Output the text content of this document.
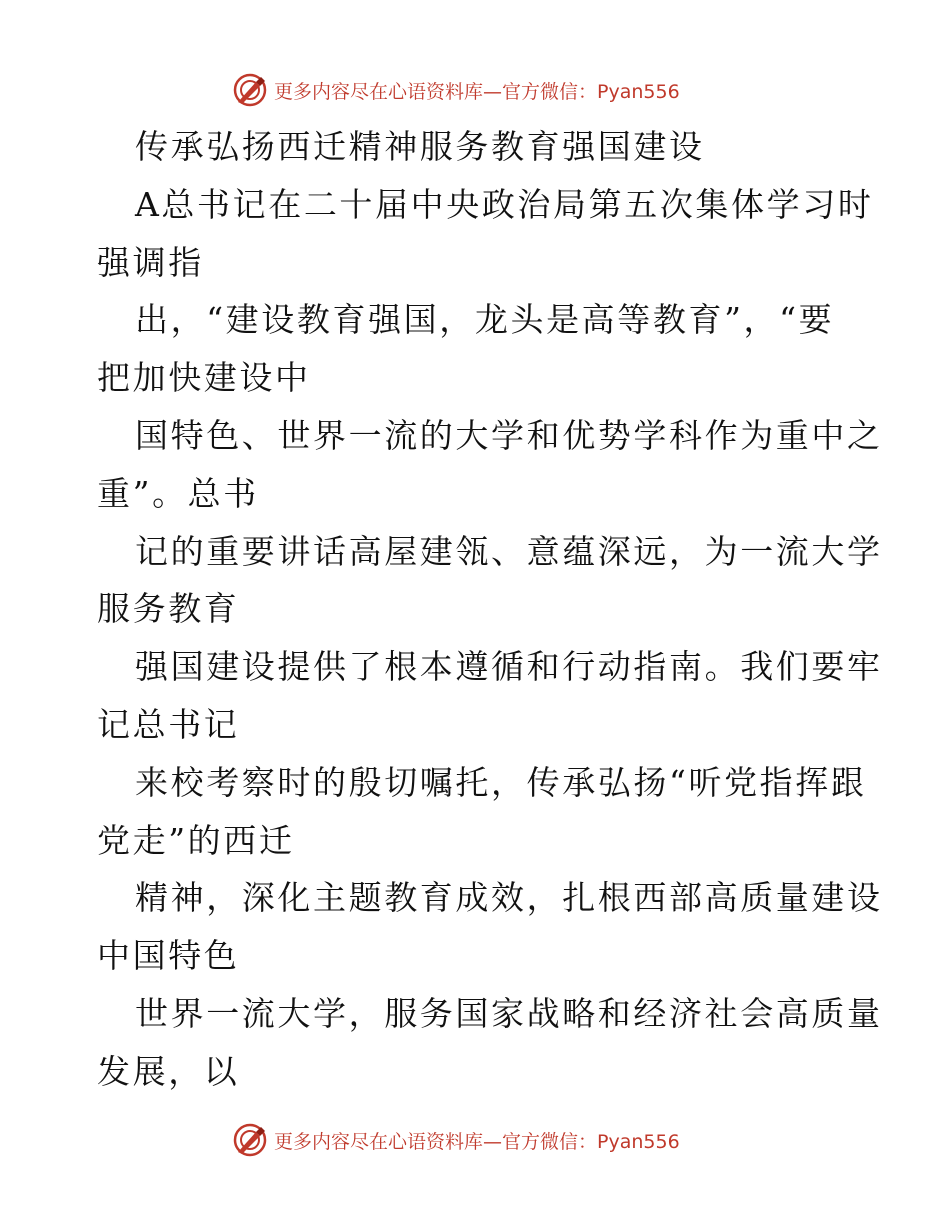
更多内容尽在心语资料库—官方微信：Pyan556
传承弘扬西迁精神服务教育强国建设
A总书记在二十届中央政治局第五次集体学习时
强调指
出，“建设教育强国，龙头是高等教育”，“要
把加快建设中
国特色、世界一流的大学和优势学科作为重中之
重”。总书
记的重要讲话高屋建瓴、意蕴深远，为一流大学
服务教育
强国建设提供了根本遵循和行动指南。我们要牢
记总书记
来校考察时的殷切嘱托，传承弘扬“听党指挥跟
党走”的西迁
精神，深化主题教育成效，扎根西部高质量建设
中国特色
世界一流大学，服务国家战略和经济社会高质量
发展，以
更多内容尽在心语资料库—官方微信：Pyan556
